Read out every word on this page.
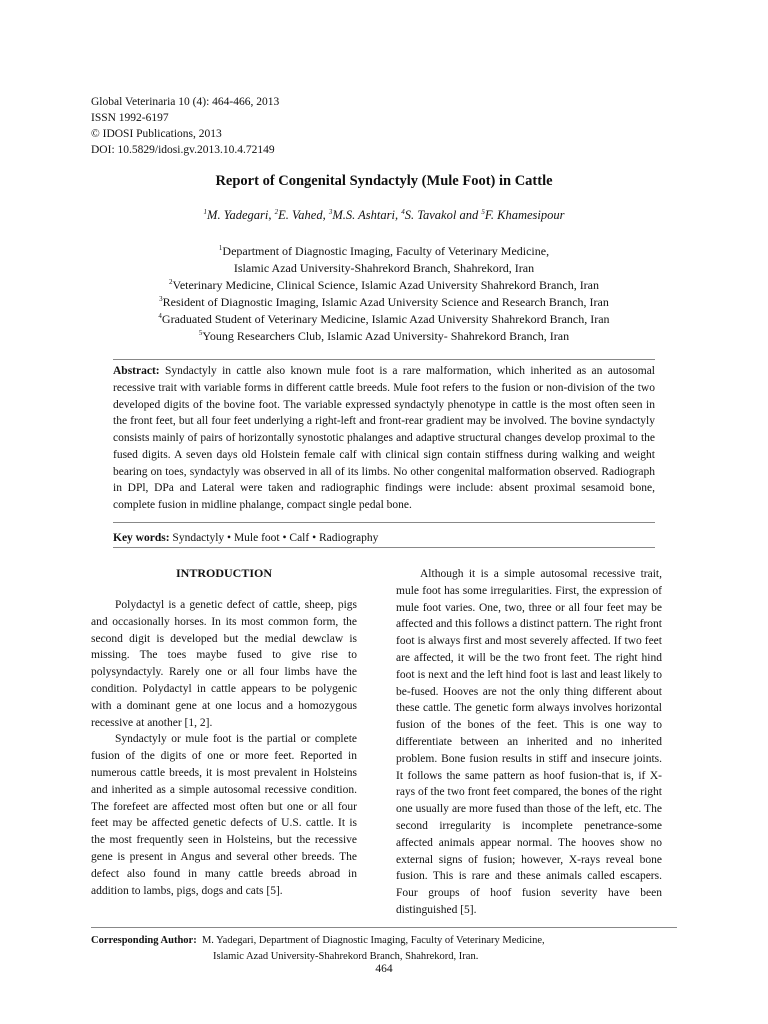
Global Veterinaria 10 (4): 464-466, 2013
ISSN 1992-6197
© IDOSI Publications, 2013
DOI: 10.5829/idosi.gv.2013.10.4.72149
Report of Congenital Syndactyly (Mule Foot) in Cattle
$^1$M. Yadegari, $^2$E. Vahed, $^3$M.S. Ashtari, $^4$S. Tavakol and $^5$F. Khamesipour
$^1$Department of Diagnostic Imaging, Faculty of Veterinary Medicine,
Islamic Azad University-Shahrekord Branch, Shahrekord, Iran
$^2$Veterinary Medicine, Clinical Science, Islamic Azad University Shahrekord Branch, Iran
$^3$Resident of Diagnostic Imaging, Islamic Azad University Science and Research Branch, Iran
$^4$Graduated Student of Veterinary Medicine, Islamic Azad University Shahrekord Branch, Iran
$^5$Young Researchers Club, Islamic Azad University- Shahrekord Branch, Iran
Abstract: Syndactyly in cattle also known mule foot is a rare malformation, which inherited as an autosomal recessive trait with variable forms in different cattle breeds. Mule foot refers to the fusion or non-division of the two developed digits of the bovine foot. The variable expressed syndactyly phenotype in cattle is the most often seen in the front feet, but all four feet underlying a right-left and front-rear gradient may be involved. The bovine syndactyly consists mainly of pairs of horizontally synostotic phalanges and adaptive structural changes develop proximal to the fused digits. A seven days old Holstein female calf with clinical sign contain stiffness during walking and weight bearing on toes, syndactyly was observed in all of its limbs. No other congenital malformation observed. Radiograph in DPl, DPa and Lateral were taken and radiographic findings were include: absent proximal sesamoid bone, complete fusion in midline phalange, compact single pedal bone.
Key words: Syndactyly • Mule foot • Calf • Radiography
INTRODUCTION

Polydactyl is a genetic defect of cattle, sheep, pigs and occasionally horses. In its most common form, the second digit is developed but the medial dewclaw is missing. The toes maybe fused to give rise to polysyndactyly. Rarely one or all four limbs have the condition. Polydactyl in cattle appears to be polygenic with a dominant gene at one locus and a homozygous recessive at another [1, 2].

Syndactyly or mule foot is the partial or complete fusion of the digits of one or more feet. Reported in numerous cattle breeds, it is most prevalent in Holsteins and inherited as a simple autosomal recessive condition. The forefeet are affected most often but one or all four feet may be affected genetic defects of U.S. cattle. It is the most frequently seen in Holsteins, but the recessive gene is present in Angus and several other breeds. The defect also found in many cattle breeds abroad in addition to lambs, pigs, dogs and cats [5].

Although it is a simple autosomal recessive trait, mule foot has some irregularities. First, the expression of mule foot varies. One, two, three or all four feet may be affected and this follows a distinct pattern. The right front foot is always first and most severely affected. If two feet are affected, it will be the two front feet. The right hind foot is next and the left hind foot is last and least likely to be-fused. Hooves are not the only thing different about these cattle. The genetic form always involves horizontal fusion of the bones of the feet. This is one way to differentiate between an inherited and no inherited problem. Bone fusion results in stiff and insecure joints. It follows the same pattern as hoof fusion-that is, if X-rays of the two front feet compared, the bones of the right one usually are more fused than those of the left, etc. The second irregularity is incomplete penetrance-some affected animals appear normal. The hooves show no external signs of fusion; however, X-rays reveal bone fusion. This is rare and these animals called escapers. Four groups of hoof fusion severity have been distinguished [5].

Corresponding Author: M. Yadegari, Department of Diagnostic Imaging, Faculty of Veterinary Medicine,
Islamic Azad University-Shahrekord Branch, Shahrekord, Iran.
464
